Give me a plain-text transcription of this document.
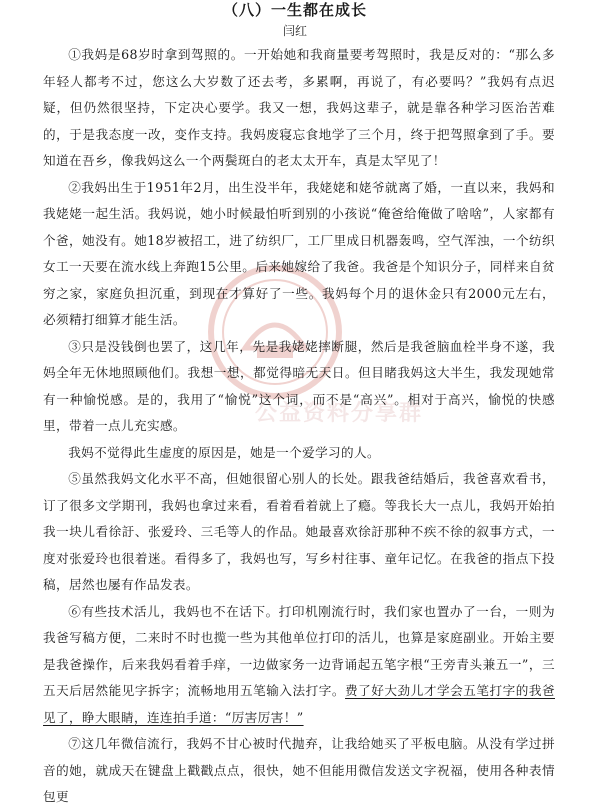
公益资料分享群
（八）一生都在成长
闫红

①我妈是68岁时拿到驾照的。一开始她和我商量要考驾照时，我是反对的：“那么多年轻人都考不过，您这么大岁数了还去考，多累啊，再说了，有必要吗？”我妈有点迟疑，但仍然很坚持，下定决心要学。我又一想，我妈这辈子，就是靠各种学习医治苦难的，于是我态度一改，变作支持。我妈废寝忘食地学了三个月，终于把驾照拿到了手。要知道在吾乡，像我妈这么一个两鬓斑白的老太太开车，真是太罕见了！

②我妈出生于1951年2月，出生没半年，我姥姥和姥爷就离了婚，一直以来，我妈和我姥姥一起生活。我妈说，她小时候最怕听到别的小孩说“俺爸给俺做了啥啥”，人家都有个爸，她没有。她18岁被招工，进了纺织厂，工厂里成日机器轰鸣，空气浑浊，一个纺织女工一天要在流水线上奔跑15公里。后来她嫁给了我爸。我爸是个知识分子，同样来自贫穷之家，家庭负担沉重，到现在才算好了一些。我妈每个月的退休金只有2000元左右，必须精打细算才能生活。

③只是没钱倒也罢了，这几年，先是我姥姥摔断腿，然后是我爸脑血栓半身不遂，我妈全年无休地照顾他们。我想一想，都觉得暗无天日。但目睹我妈这大半生，我发现她常有一种愉悦感。是的，我用了“愉悦”这个词，而不是“高兴”。相对于高兴，愉悦的快感里，带着一点儿充实感。

我妈不觉得此生虚度的原因是，她是一个爱学习的人。

⑤虽然我妈文化水平不高，但她很留心别人的长处。跟我爸结婚后，我爸喜欢看书，订了很多文学期刊，我妈也拿过来看，看着看着就上了瘾。等我长大一点儿，我妈开始拍我一块儿看徐訏、张爱玲、三毛等人的作品。她最喜欢徐訏那种不疾不徐的叙事方式，一度对张爱玲也很着迷。看得多了，我妈也写，写乡村往事、童年记忆。在我爸的指点下投稿，居然也屡有作品发表。

⑥有些技术活儿，我妈也不在话下。打印机刚流行时，我们家也置办了一台，一则为我爸写稿方便，二来时不时也揽一些为其他单位打印的活儿，也算是家庭副业。开始主要是我爸操作，后来我妈看着手痒，一边做家务一边背诵起五笔字根“王旁青头兼五一”，三五天后居然能见字拆字；流畅地用五笔输入法打字。费了好大劲儿才学会五笔打字的我爸见了，睁大眼睛，连连拍手道：“厉害厉害！”

⑦这几年微信流行，我妈不甘心被时代抛弃，让我给她买了平板电脑。从没有学过拼音的她，就成天在键盘上戳戳点点，很快，她不但能用微信发送文字祝福，使用各种表情包更
